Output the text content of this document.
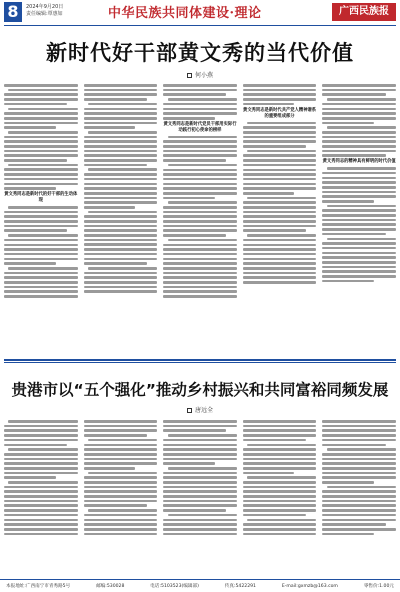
8	2024年9月20日
责任编辑:覃惠如	中华民族共同体建设·理论	广西民族报
新时代好干部黄文秀的当代价值
何小燕
黄文秀同志是新时代的好干部的生动体现
黄文秀同志是新时代党员干部用实际行动践行初心使命的榜样
黄文秀同志是新时代共产党人精神谱系的重要组成部分
黄文秀同志的精神具有鲜明的时代价值
贵港市以“五个强化”推动乡村振兴和共同富裕同频发展
唐远全
本报地址:广西南宁市青秀路5号	邮编:530028	电话:5103523(编辑部)	传真:5422291	E-mail:gxmzb@163.com	零售价:1.00元
